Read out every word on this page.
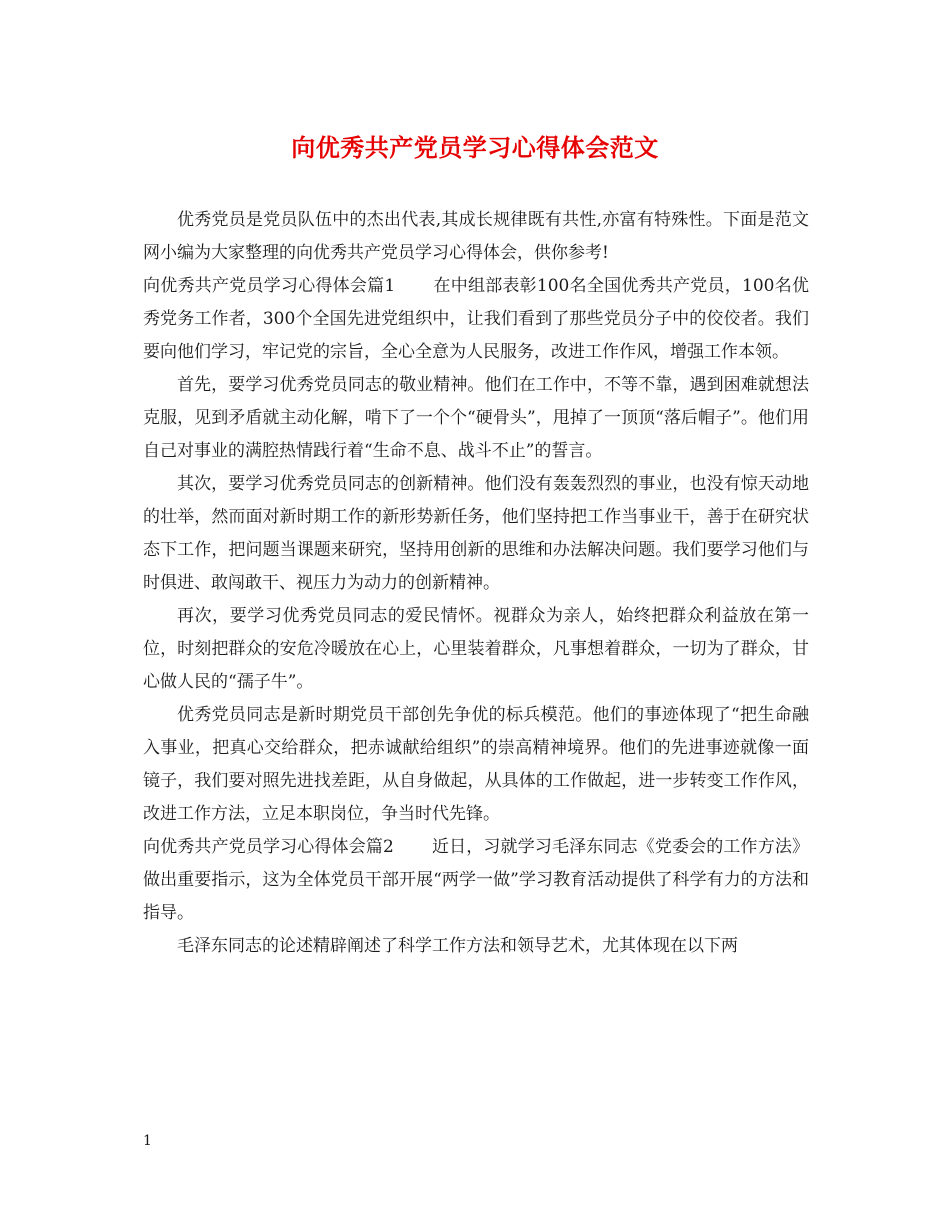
向优秀共产党员学习心得体会范文

优秀党员是党员队伍中的杰出代表,其成长规律既有共性,亦富有特殊性。下面是范文网小编为大家整理的向优秀共产党员学习心得体会，供你参考!

向优秀共产党员学习心得体会篇1 在中组部表彰100名全国优秀共产党员，100名优秀党务工作者，300个全国先进党组织中，让我们看到了那些党员分子中的佼佼者。我们要向他们学习，牢记党的宗旨，全心全意为人民服务，改进工作作风，增强工作本领。

首先，要学习优秀党员同志的敬业精神。他们在工作中，不等不靠，遇到困难就想法克服，见到矛盾就主动化解，啃下了一个个“硬骨头”，甩掉了一顶顶“落后帽子”。他们用自己对事业的满腔热情践行着“生命不息、战斗不止”的誓言。

其次，要学习优秀党员同志的创新精神。他们没有轰轰烈烈的事业，也没有惊天动地的壮举，然而面对新时期工作的新形势新任务，他们坚持把工作当事业干，善于在研究状态下工作，把问题当课题来研究，坚持用创新的思维和办法解决问题。我们要学习他们与时俱进、敢闯敢干、视压力为动力的创新精神。

再次，要学习优秀党员同志的爱民情怀。视群众为亲人，始终把群众利益放在第一位，时刻把群众的安危冷暖放在心上，心里装着群众，凡事想着群众，一切为了群众，甘心做人民的“孺子牛”。

优秀党员同志是新时期党员干部创先争优的标兵模范。他们的事迹体现了“把生命融入事业，把真心交给群众，把赤诚献给组织”的崇高精神境界。他们的先进事迹就像一面镜子，我们要对照先进找差距，从自身做起，从具体的工作做起，进一步转变工作作风，改进工作方法，立足本职岗位，争当时代先锋。

向优秀共产党员学习心得体会篇2 近日，习就学习毛泽东同志《党委会的工作方法》做出重要指示，这为全体党员干部开展“两学一做”学习教育活动提供了科学有力的方法和指导。

毛泽东同志的论述精辟阐述了科学工作方法和领导艺术，尤其体现在以下两

1
